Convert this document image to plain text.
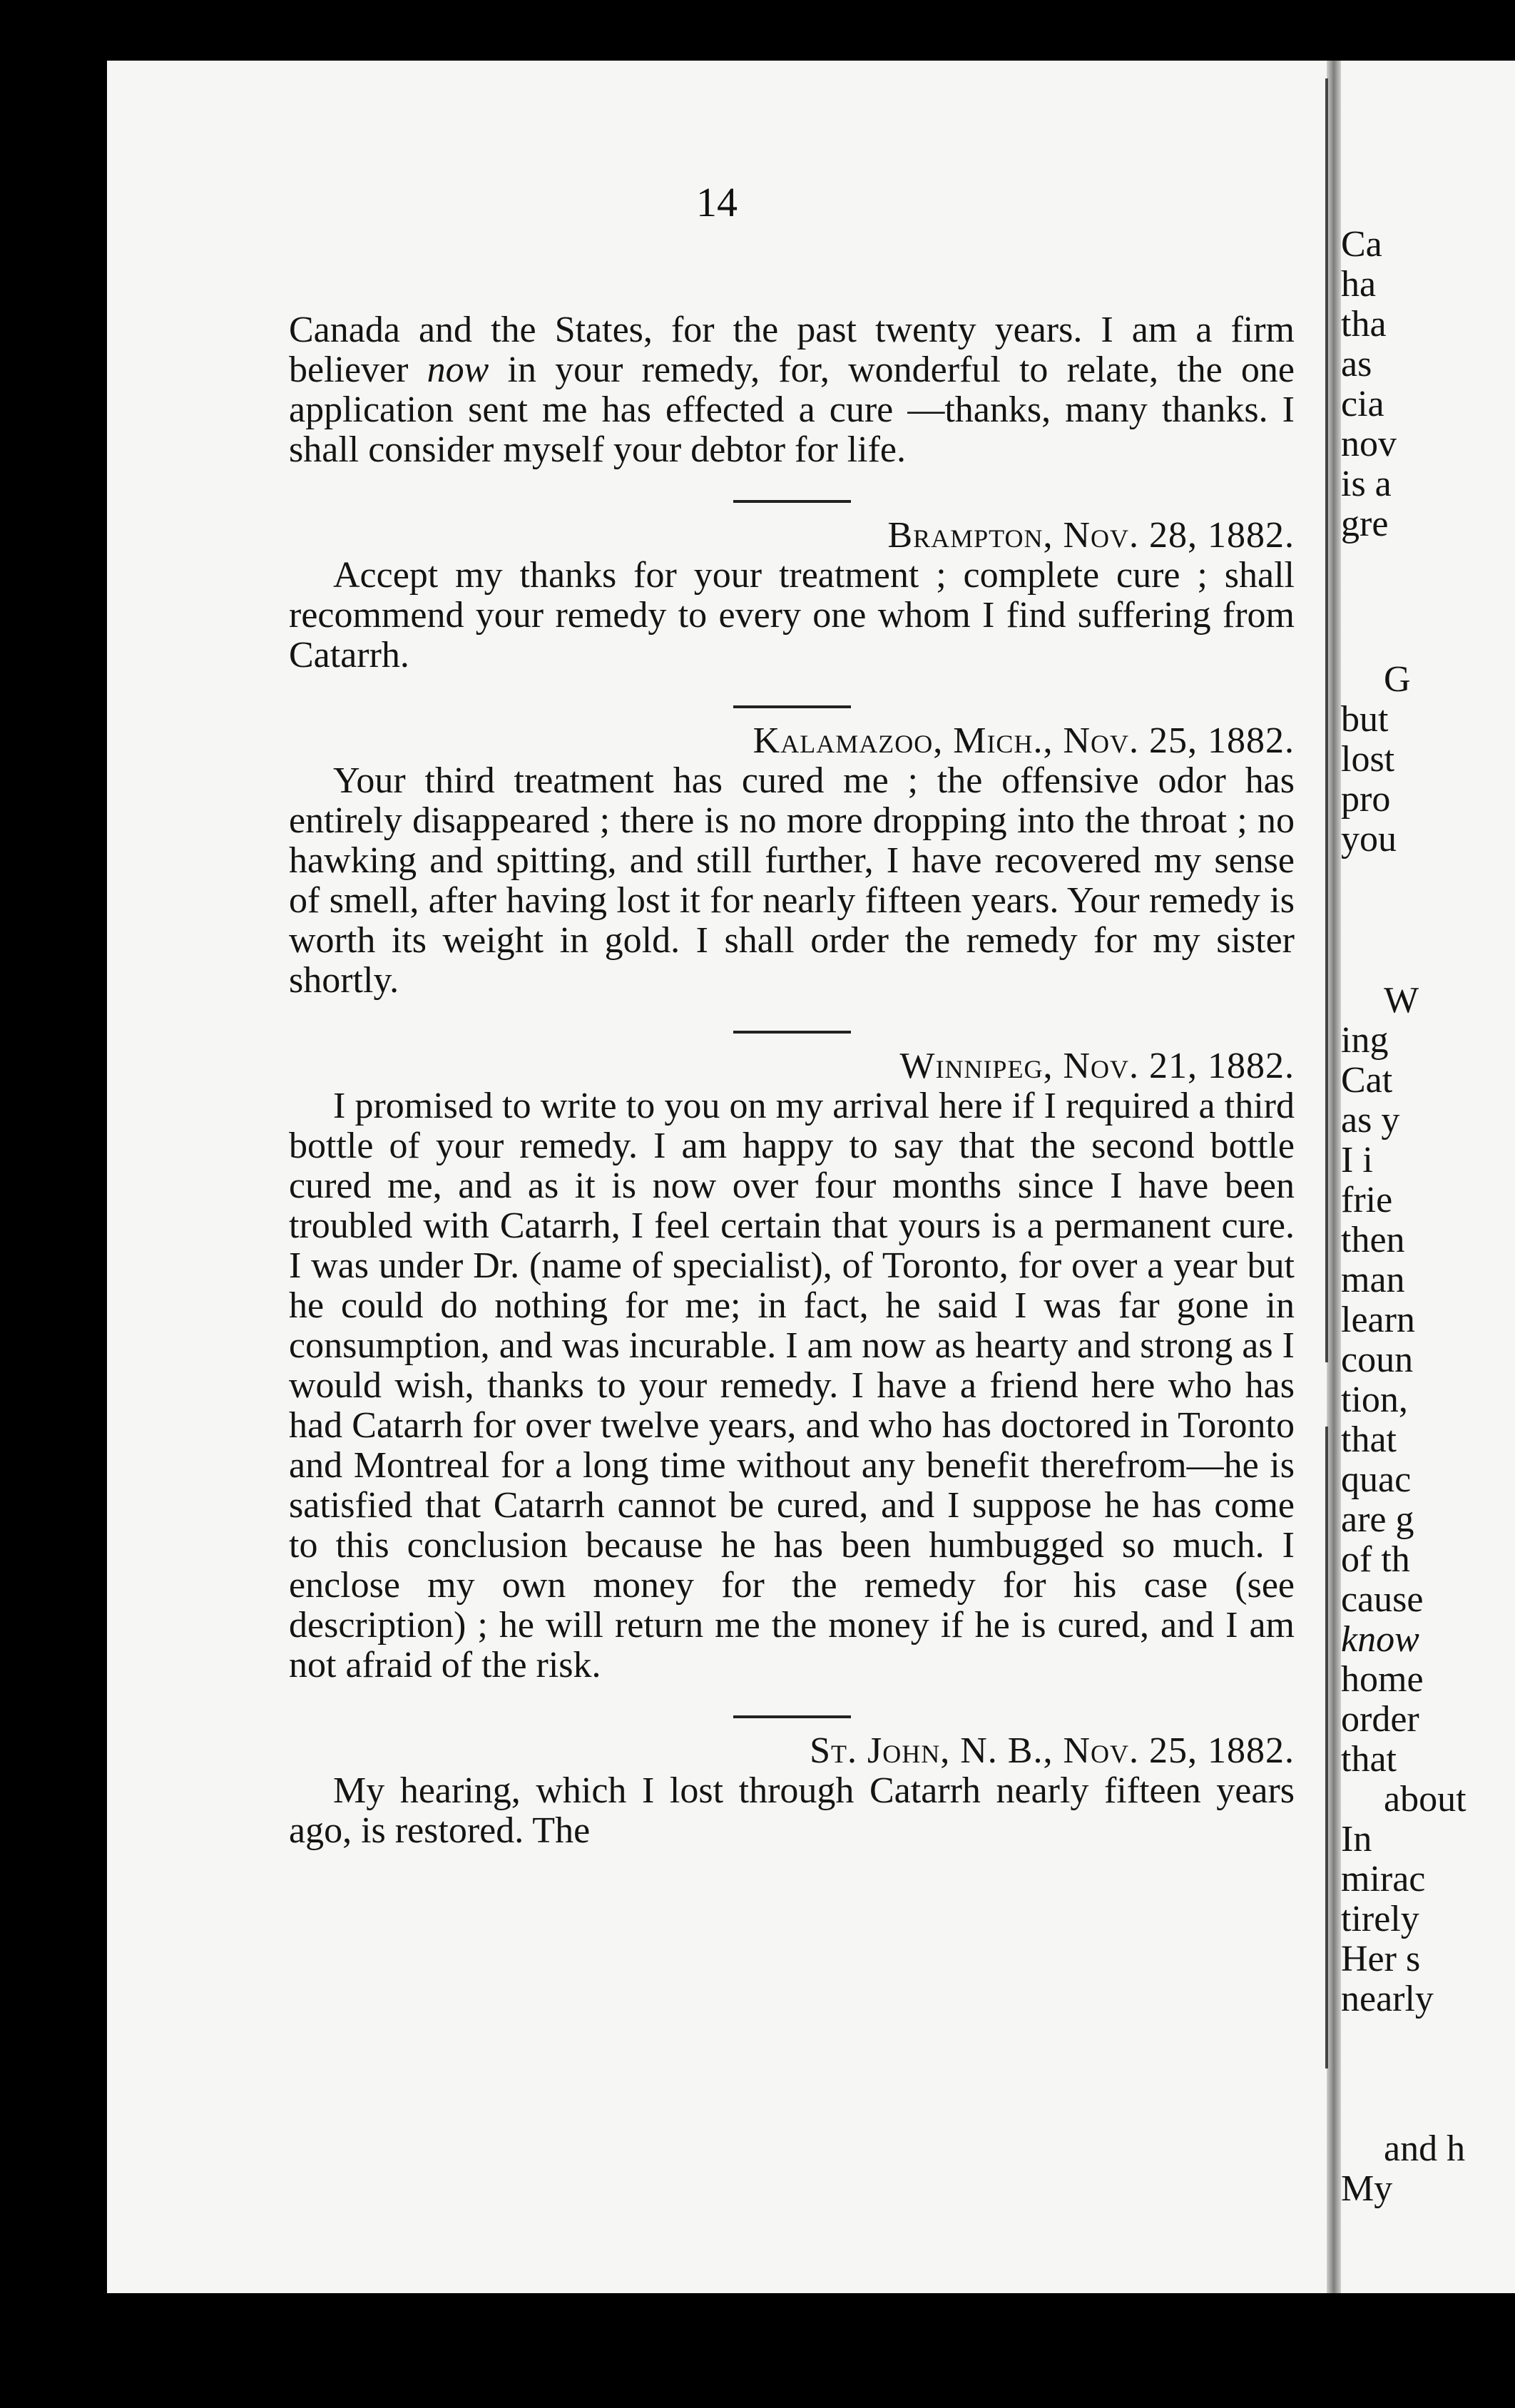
14

Canada and the States, for the past twenty years. I am a firm believer now in your remedy, for, wonderful to relate, the one application sent me has effected a cure —thanks, many thanks. I shall consider myself your debtor for life.

Brampton, Nov. 28, 1882.

Accept my thanks for your treatment ; complete cure ; shall recommend your remedy to every one whom I find suffering from Catarrh.

Kalamazoo, Mich., Nov. 25, 1882.

Your third treatment has cured me ; the offensive odor has entirely disappeared ; there is no more dropping into the throat ; no hawking and spitting, and still further, I have recovered my sense of smell, after having lost it for nearly fifteen years. Your remedy is worth its weight in gold. I shall order the remedy for my sister shortly.

Winnipeg, Nov. 21, 1882.

I promised to write to you on my arrival here if I required a third bottle of your remedy. I am happy to say that the second bottle cured me, and as it is now over four months since I have been troubled with Catarrh, I feel certain that yours is a permanent cure. I was under Dr. (name of specialist), of Toronto, for over a year but he could do nothing for me; in fact, he said I was far gone in consumption, and was incurable. I am now as hearty and strong as I would wish, thanks to your remedy. I have a friend here who has had Catarrh for over twelve years, and who has doctored in Toronto and Montreal for a long time without any benefit therefrom—he is satisfied that Catarrh cannot be cured, and I suppose he has come to this conclusion because he has been humbugged so much. I enclose my own money for the remedy for his case (see description) ; he will return me the money if he is cured, and I am not afraid of the risk.

St. John, N. B., Nov. 25, 1882.

My hearing, which I lost through Catarrh nearly fifteen years ago, is restored. The

Ca
ha
tha
as
cia
nov
is a
gre
G
but
lost
pro
you
W
ing
Cat
as y
I i
frie
then
man
learn
coun
tion,
that
quac
are g
of th
cause
know
home
order
that
about
In
mirac
tirely
Her s
nearly
and h
My
